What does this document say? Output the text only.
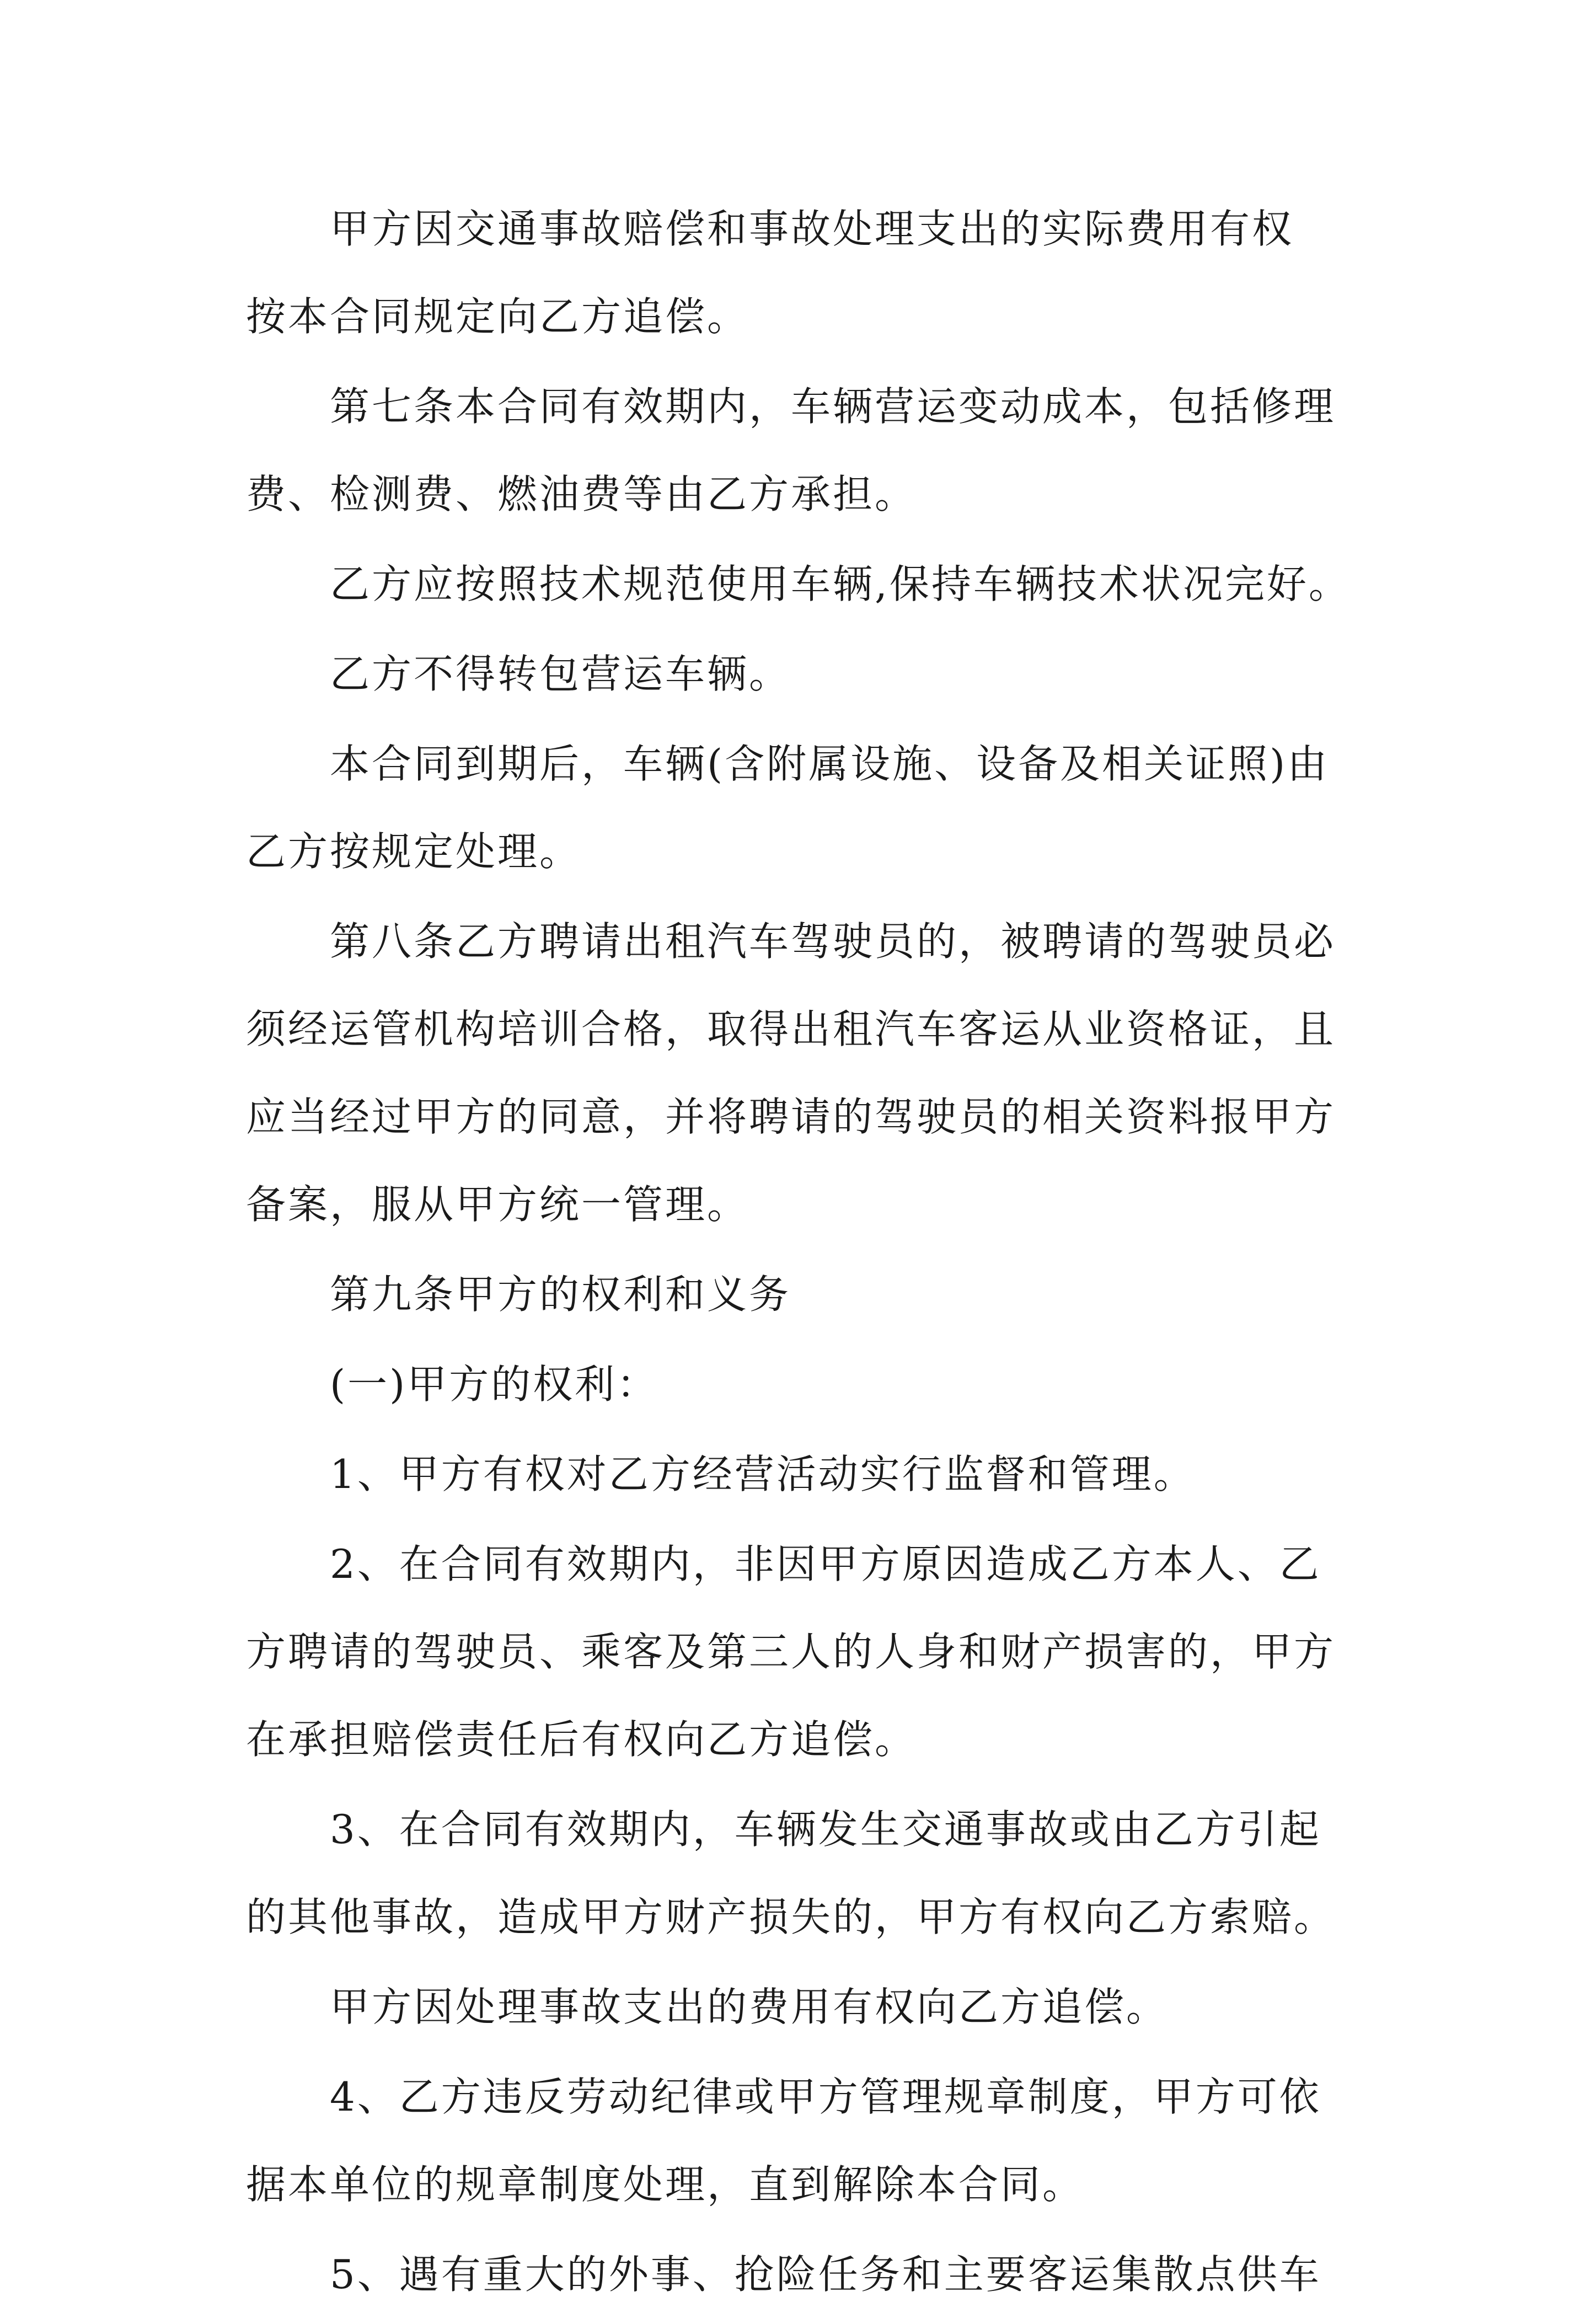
甲方因交通事故赔偿和事故处理支出的实际费用有权

按本合同规定向乙方追偿。

第七条本合同有效期内，车辆营运变动成本，包括修理

费、检测费、燃油费等由乙方承担。

乙方应按照技术规范使用车辆,保持车辆技术状况完好。

乙方不得转包营运车辆。

本合同到期后，车辆(含附属设施、设备及相关证照)由

乙方按规定处理。

第八条乙方聘请出租汽车驾驶员的，被聘请的驾驶员必

须经运管机构培训合格，取得出租汽车客运从业资格证，且

应当经过甲方的同意，并将聘请的驾驶员的相关资料报甲方

备案，服从甲方统一管理。

第九条甲方的权利和义务

(一)甲方的权利：

1、甲方有权对乙方经营活动实行监督和管理。

2、在合同有效期内，非因甲方原因造成乙方本人、乙

方聘请的驾驶员、乘客及第三人的人身和财产损害的，甲方

在承担赔偿责任后有权向乙方追偿。

3、在合同有效期内，车辆发生交通事故或由乙方引起

的其他事故，造成甲方财产损失的，甲方有权向乙方索赔。

甲方因处理事故支出的费用有权向乙方追偿。

4、乙方违反劳动纪律或甲方管理规章制度，甲方可依

据本单位的规章制度处理，直到解除本合同。

5、遇有重大的外事、抢险任务和主要客运集散点供车
